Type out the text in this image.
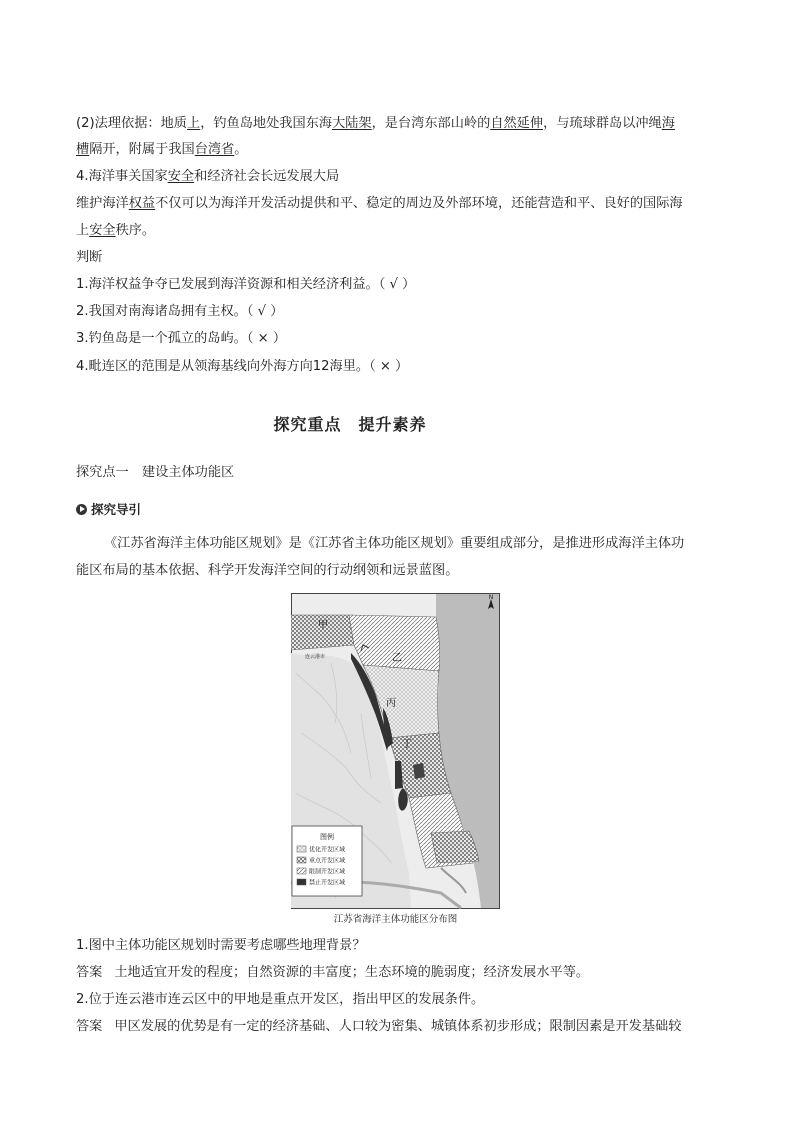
(2)法理依据：地质上，钓鱼岛地处我国东海大陆架，是台湾东部山岭的自然延伸，与琉球群岛以冲绳海
槽隔开，附属于我国台湾省。
4.海洋事关国家安全和经济社会长远发展大局
维护海洋权益不仅可以为海洋开发活动提供和平、稳定的周边及外部环境，还能营造和平、良好的国际海
上安全秩序。
判断
1.海洋权益争夺已发展到海洋资源和相关经济利益。（ √ ）
2.我国对南海诸岛拥有主权。（ √ ）
3.钓鱼岛是一个孤立的岛屿。（ × ）
4.毗连区的范围是从领海基线向外海方向12海里。（ × ）
探究重点　提升素养
探究点一　建设主体功能区
探究导引
《江苏省海洋主体功能区规划》是《江苏省主体功能区规划》重要组成部分，是推进形成海洋主体功
能区布局的基本依据、科学开发海洋空间的行动纲领和远景蓝图。
N
甲
乙
丙
丁
连云港市
图例
优化开发区域
重点开发区域
限制开发区域
禁止开发区域
江苏省海洋主体功能区分布图
1.图中主体功能区规划时需要考虑哪些地理背景？
答案 土地适宜开发的程度；自然资源的丰富度；生态环境的脆弱度；经济发展水平等。
2.位于连云港市连云区中的甲地是重点开发区，指出甲区的发展条件。
答案 甲区发展的优势是有一定的经济基础、人口较为密集、城镇体系初步形成；限制因素是开发基础较
